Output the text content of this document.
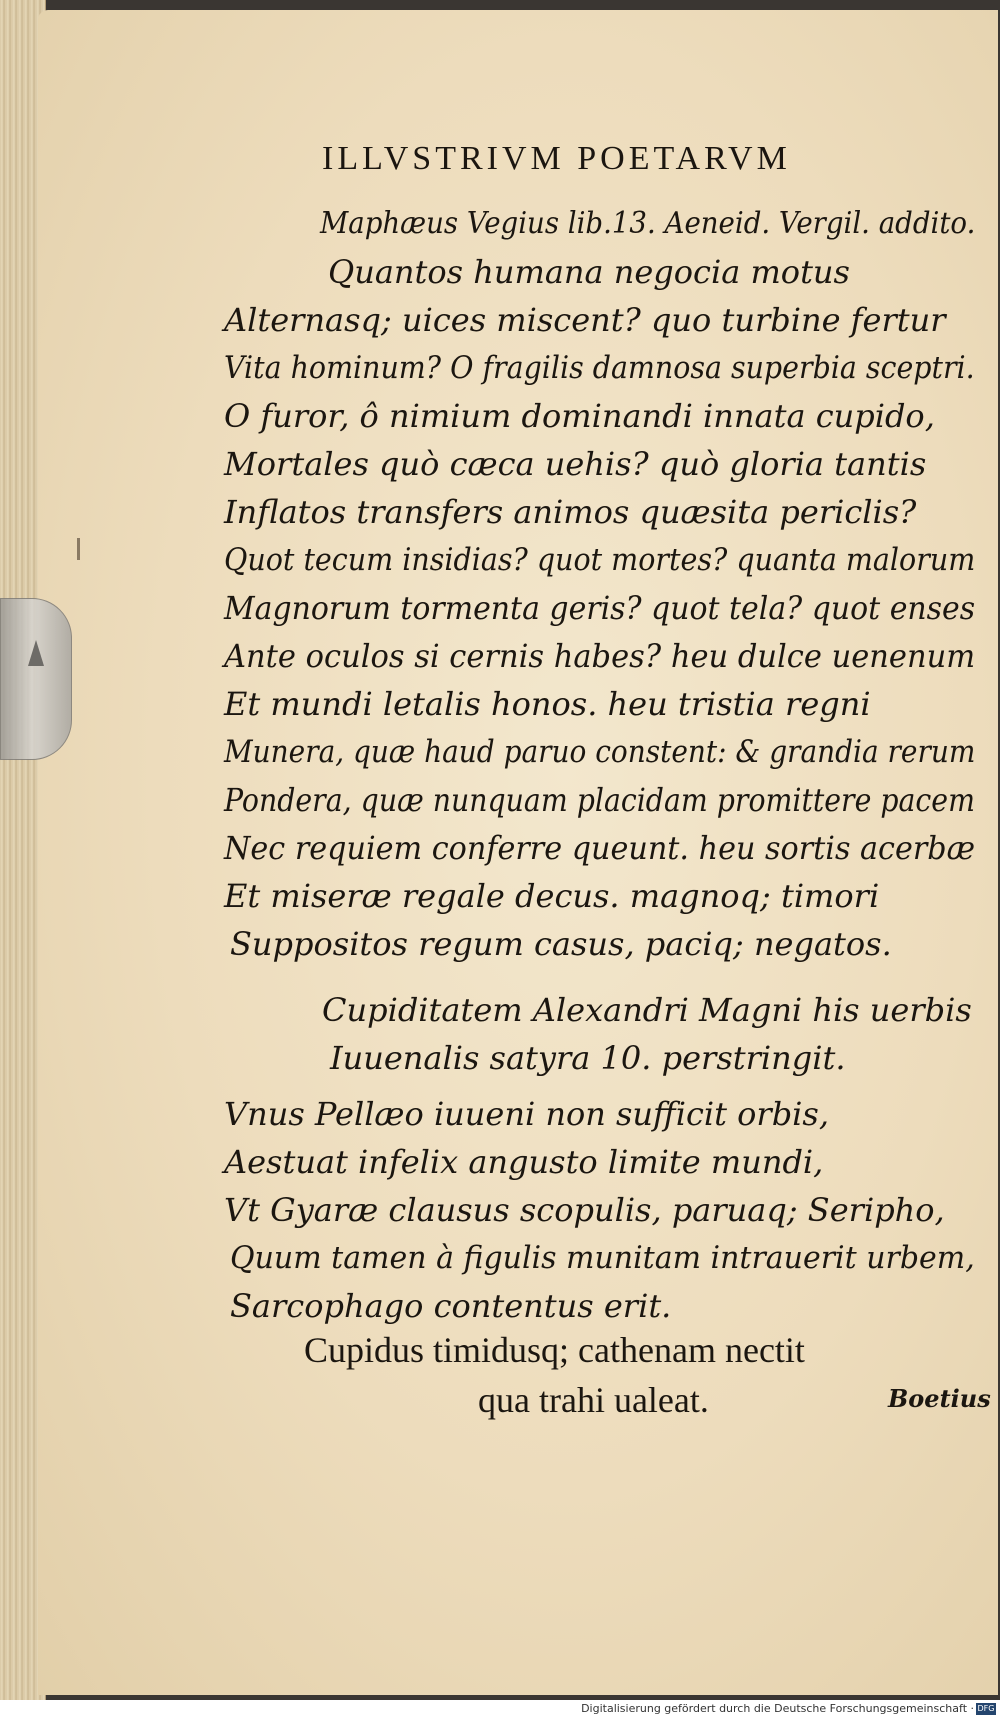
ILLVSTRIVM POETARVM
Maphæus Vegius lib.13. Aeneid. Vergil. addito.
Quantos humana negocia motus
Alternasq; uices miscent? quo turbine fertur
Vita hominum? O fragilis damnosa superbia sceptri.
O furor, ô nimium dominandi innata cupido,
Mortales quò cæca uehis? quò gloria tantis
Inflatos transfers animos quæsita periclis?
Quot tecum insidias? quot mortes? quanta malorum
Magnorum tormenta geris? quot tela? quot enses
Ante oculos si cernis habes? heu dulce uenenum
Et mundi letalis honos. heu tristia regni
Munera, quæ haud paruo constent: & grandia rerum
Pondera, quæ nunquam placidam promittere pacem
Nec requiem conferre queunt. heu sortis acerbæ
Et miseræ regale decus. magnoq; timori
Suppositos regum casus, paciq; negatos.
Cupiditatem Alexandri Magni his uerbis
Iuuenalis satyra 10. perstringit.
Vnus Pellæo iuueni non sufficit orbis,
Aestuat infelix angusto limite mundi,
Vt Gyaræ clausus scopulis, paruaq; Seripho,
Quum tamen à figulis munitam intrauerit urbem,
Sarcophago contentus erit.
Cupidus timidusq; cathenam nectit
qua trahi ualeat.	Boetius
Digitalisierung gefördert durch die Deutsche Forschungsgemeinschaft · DFG
